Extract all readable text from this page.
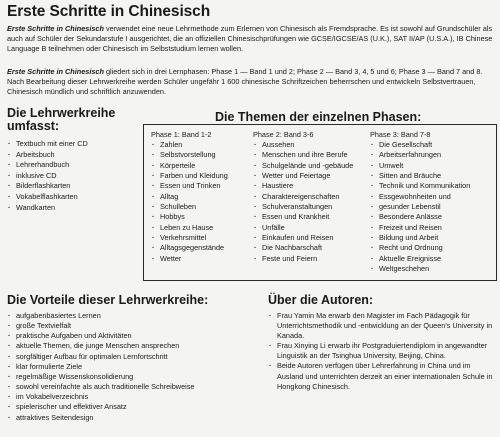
Erste Schritte in Chinesisch

Erste Schritte in Chinesisch verwendet eine neue Lehrmethode zum Erlernen von Chinesisch als Fremdsprache. Es ist sowohl auf Grundschüler als auch auf Schüler der Sekundarstufe I ausgerichtet, die an offiziellen Chinesischprüfungen wie GCSE/IGCSE/AS (U.K.), SAT II/AP (U.S.A.), IB Chinese Language B teilnehmen oder Chinesisch im Selbststudium lernen wollen.

Erste Schritte in Chinesisch gliedert sich in drei Lernphasen: Phase 1 — Band 1 und 2; Phase 2 — Band 3, 4, 5 und 6; Phase 3 — Band 7 and 8. Nach Bearbeitung dieser Lehrwerkreihe werden Schüler ungefähr 1 600 chinesische Schriftzeichen beherrschen und entwickeln Selbstvertrauen, Chinesisch mündlich und schriftlich anzuwenden.

Die Lehrwerkreihe
umfasst:
· Textbuch mit einer CD
· Arbeitsbuch
· Lehrerhandbuch
· inklusive CD
· Bilderflashkarten
· Vokabelflashkarten
· Wandkarten
Die Themen der einzelnen Phasen:
Phase 1: Band 1-2
· Zahlen
· Selbstvorstellung
· Körperteile
· Farben und Kleidung
· Essen und Trinken
· Alltag
· Schulleben
· Hobbys
· Leben zu Hause
· Verkehrsmittel
· Alltagsgegenstände
· Wetter
Phase 2: Band 3-6
· Aussehen
· Menschen und ihre Berufe
· Schulgelände und -gebäude
· Wetter und Feiertage
· Haustiere
· Charaktereigenschaften
· Schulveranstaltungen
· Essen und Krankheit
· Unfälle
· Einkaufen und Reisen
· Die Nachbarschaft
· Feste und Feiern
Phase 3: Band 7-8
· Die Gesellschaft
· Arbeitserfahrungen
· Umwelt
· Sitten and Bräuche
· Technik und Kommunikation
· Essgewohnheiten und
· gesunder Lebenstil
· Besondere Anlässe
· Freizeit und Reisen
· Bildung und Arbeit
· Recht und Ordnung
· Aktuelle Ereignisse
· Weltgeschehen
Die Vorteile dieser Lehrwerkreihe:
· aufgabenbasiertes Lernen
· große Textvielfalt
· praktische Aufgaben und Aktivitäten
· aktuelle Themen, die junge Menschen ansprechen
· sorgfältiger Aufbau für optimalen Lernfortschritt
· klar formulierte Ziele
· regelmäßige Wissenskonsolidierung
· sowohl vereinfachte als auch traditionelle Schreibweise
· im Vokabelverzeichnis
· spielerischer und effektiver Ansatz
· attraktives Seitendesign
Über die Autoren:
· Frau Yamin Ma erwarb den Magister im Fach Pädagogik für Unterrichtsmethodik und -entwicklung an der Queen's University in Kanada.
· Frau Xinying Li erwarb ihr Postgraduiertendiplom in angewandter Linguistik an der Tsinghua University, Beijing, China.
· Beide Autoren verfügen über Lehrerfahrung in China und im Ausland und unterrichten derzeit an einer internationalen Schule in Hongkong Chinesisch.
